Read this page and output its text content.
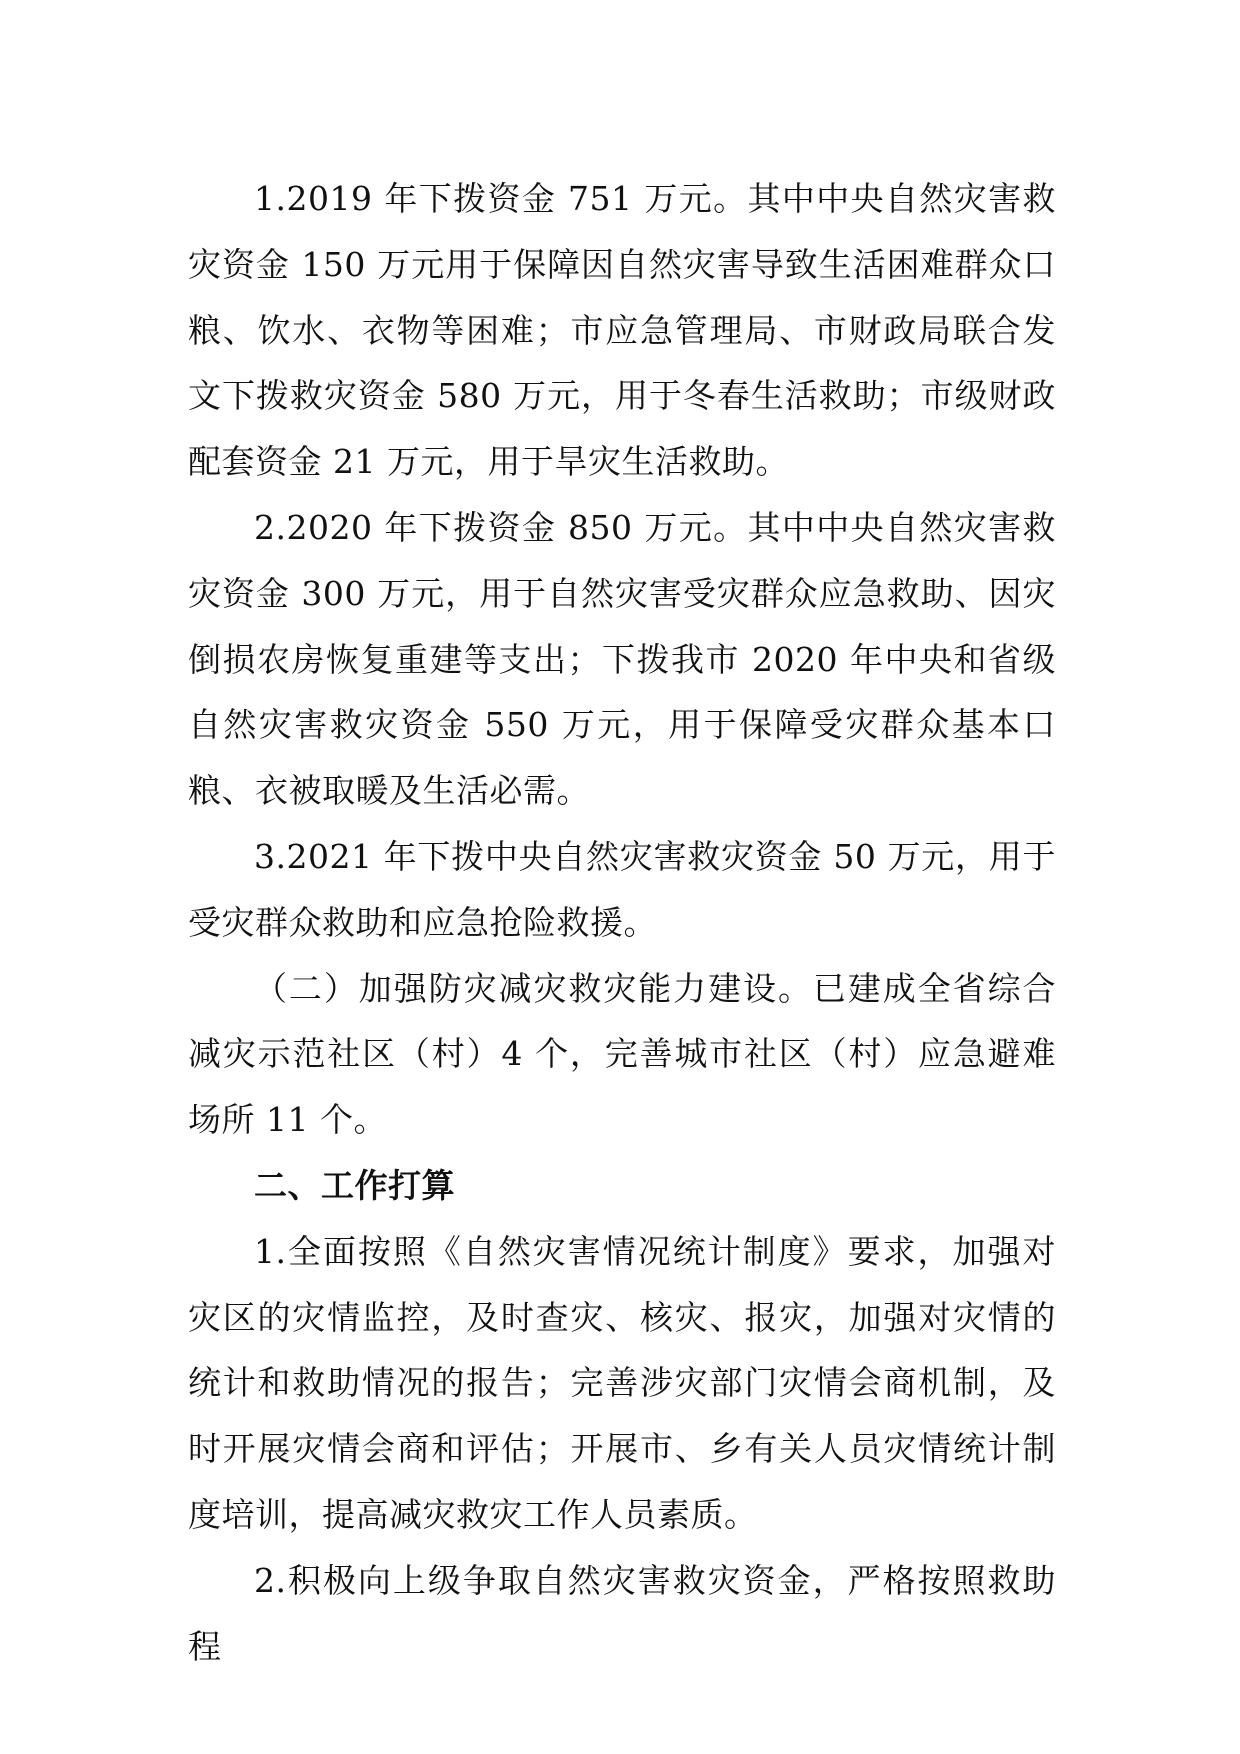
1.2019 年下拨资金 751 万元。其中中央自然灾害救灾资金 150 万元用于保障因自然灾害导致生活困难群众口粮、饮水、衣物等困难；市应急管理局、市财政局联合发文下拨救灾资金 580 万元，用于冬春生活救助；市级财政配套资金 21 万元，用于旱灾生活救助。

2.2020 年下拨资金 850 万元。其中中央自然灾害救灾资金 300 万元，用于自然灾害受灾群众应急救助、因灾倒损农房恢复重建等支出；下拨我市 2020 年中央和省级自然灾害救灾资金 550 万元，用于保障受灾群众基本口粮、衣被取暖及生活必需。

3.2021 年下拨中央自然灾害救灾资金 50 万元，用于受灾群众救助和应急抢险救援。

（二）加强防灾减灾救灾能力建设。已建成全省综合减灾示范社区（村）4 个，完善城市社区（村）应急避难场所 11 个。

二、工作打算

1.全面按照《自然灾害情况统计制度》要求，加强对灾区的灾情监控，及时查灾、核灾、报灾，加强对灾情的统计和救助情况的报告；完善涉灾部门灾情会商机制，及时开展灾情会商和评估；开展市、乡有关人员灾情统计制度培训，提高减灾救灾工作人员素质。

2.积极向上级争取自然灾害救灾资金，严格按照救助程
